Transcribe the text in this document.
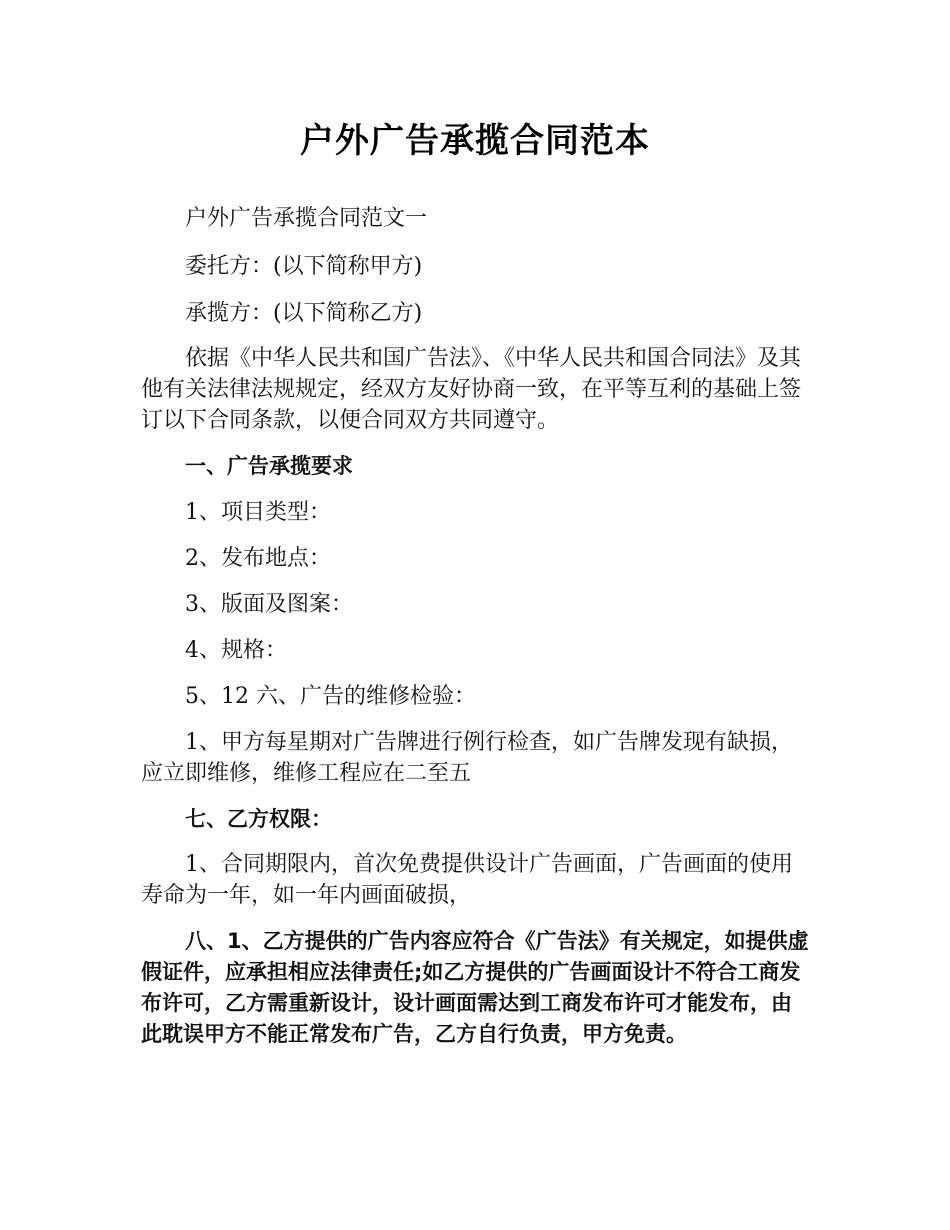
户外广告承揽合同范本

户外广告承揽合同范文一

委托方：(以下简称甲方)

承揽方：(以下简称乙方)

依据《中华人民共和国广告法》、《中华人民共和国合同法》及其他有关法律法规规定，经双方友好协商一致，在平等互利的基础上签订以下合同条款，以便合同双方共同遵守。

一、广告承揽要求

1、项目类型：

2、发布地点：

3、版面及图案：

4、规格：

5、12 六、广告的维修检验：

1、甲方每星期对广告牌进行例行检查，如广告牌发现有缺损，应立即维修，维修工程应在二至五

七、乙方权限：

1、合同期限内，首次免费提供设计广告画面，广告画面的使用寿命为一年，如一年内画面破损，

八、1、乙方提供的广告内容应符合《广告法》有关规定，如提供虚假证件，应承担相应法律责任;如乙方提供的广告画面设计不符合工商发布许可，乙方需重新设计，设计画面需达到工商发布许可才能发布，由此耽误甲方不能正常发布广告，乙方自行负责，甲方免责。
